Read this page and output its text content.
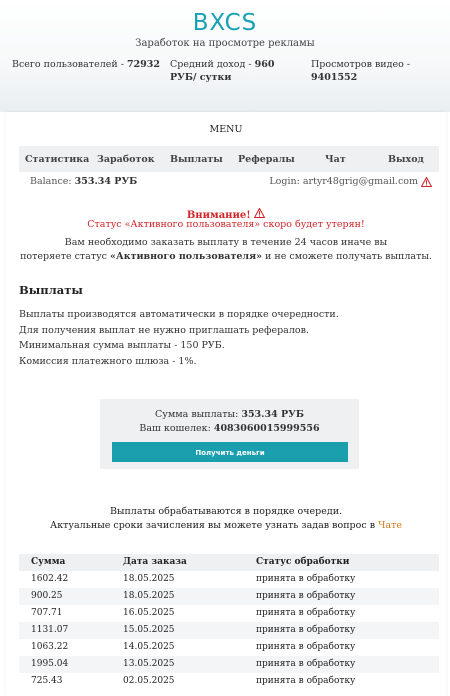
BXCS
Заработок на просмотре рекламы
Всего пользователей - 72932 Средний доход - 960 РУБ/ сутки
Просмотров видео - 9401552
MENU
Статистика Заработок Выплаты Рефералы	Чат	Выход
Balance: 353.34 РУБ	Login: artyr48grig@gmail.com
Внимание!
Статус «Активного пользователя» скоро будет утерян!
Вам необходимо заказать выплату в течение 24 часов иначе вы
потеряете статус «Активного пользователя» и не сможете получать выплаты.
Выплаты
Выплаты производятся автоматически в порядке очередности.
Для получения выплат не нужно приглашать рефералов.
Минимальная сумма выплаты - 150 РУБ.
Комиссия платежного шлюза - 1%.
Сумма выплаты: 353.34 РУБ
Ваш кошелек: 4083060015999556
Получить деньги
Выплаты обрабатываются в порядке очереди.
Актуальные сроки зачисления вы можете узнать задав вопрос в Чате
Сумма	Дата заказа	Статус обработки
1602.42	18.05.2025	принята в обработку
900.25	18.05.2025	принята в обработку
707.71	16.05.2025	принята в обработку
1131.07	15.05.2025	принята в обработку
1063.22	14.05.2025	принята в обработку
1995.04	13.05.2025	принята в обработку
725.43	02.05.2025	принята в обработку
